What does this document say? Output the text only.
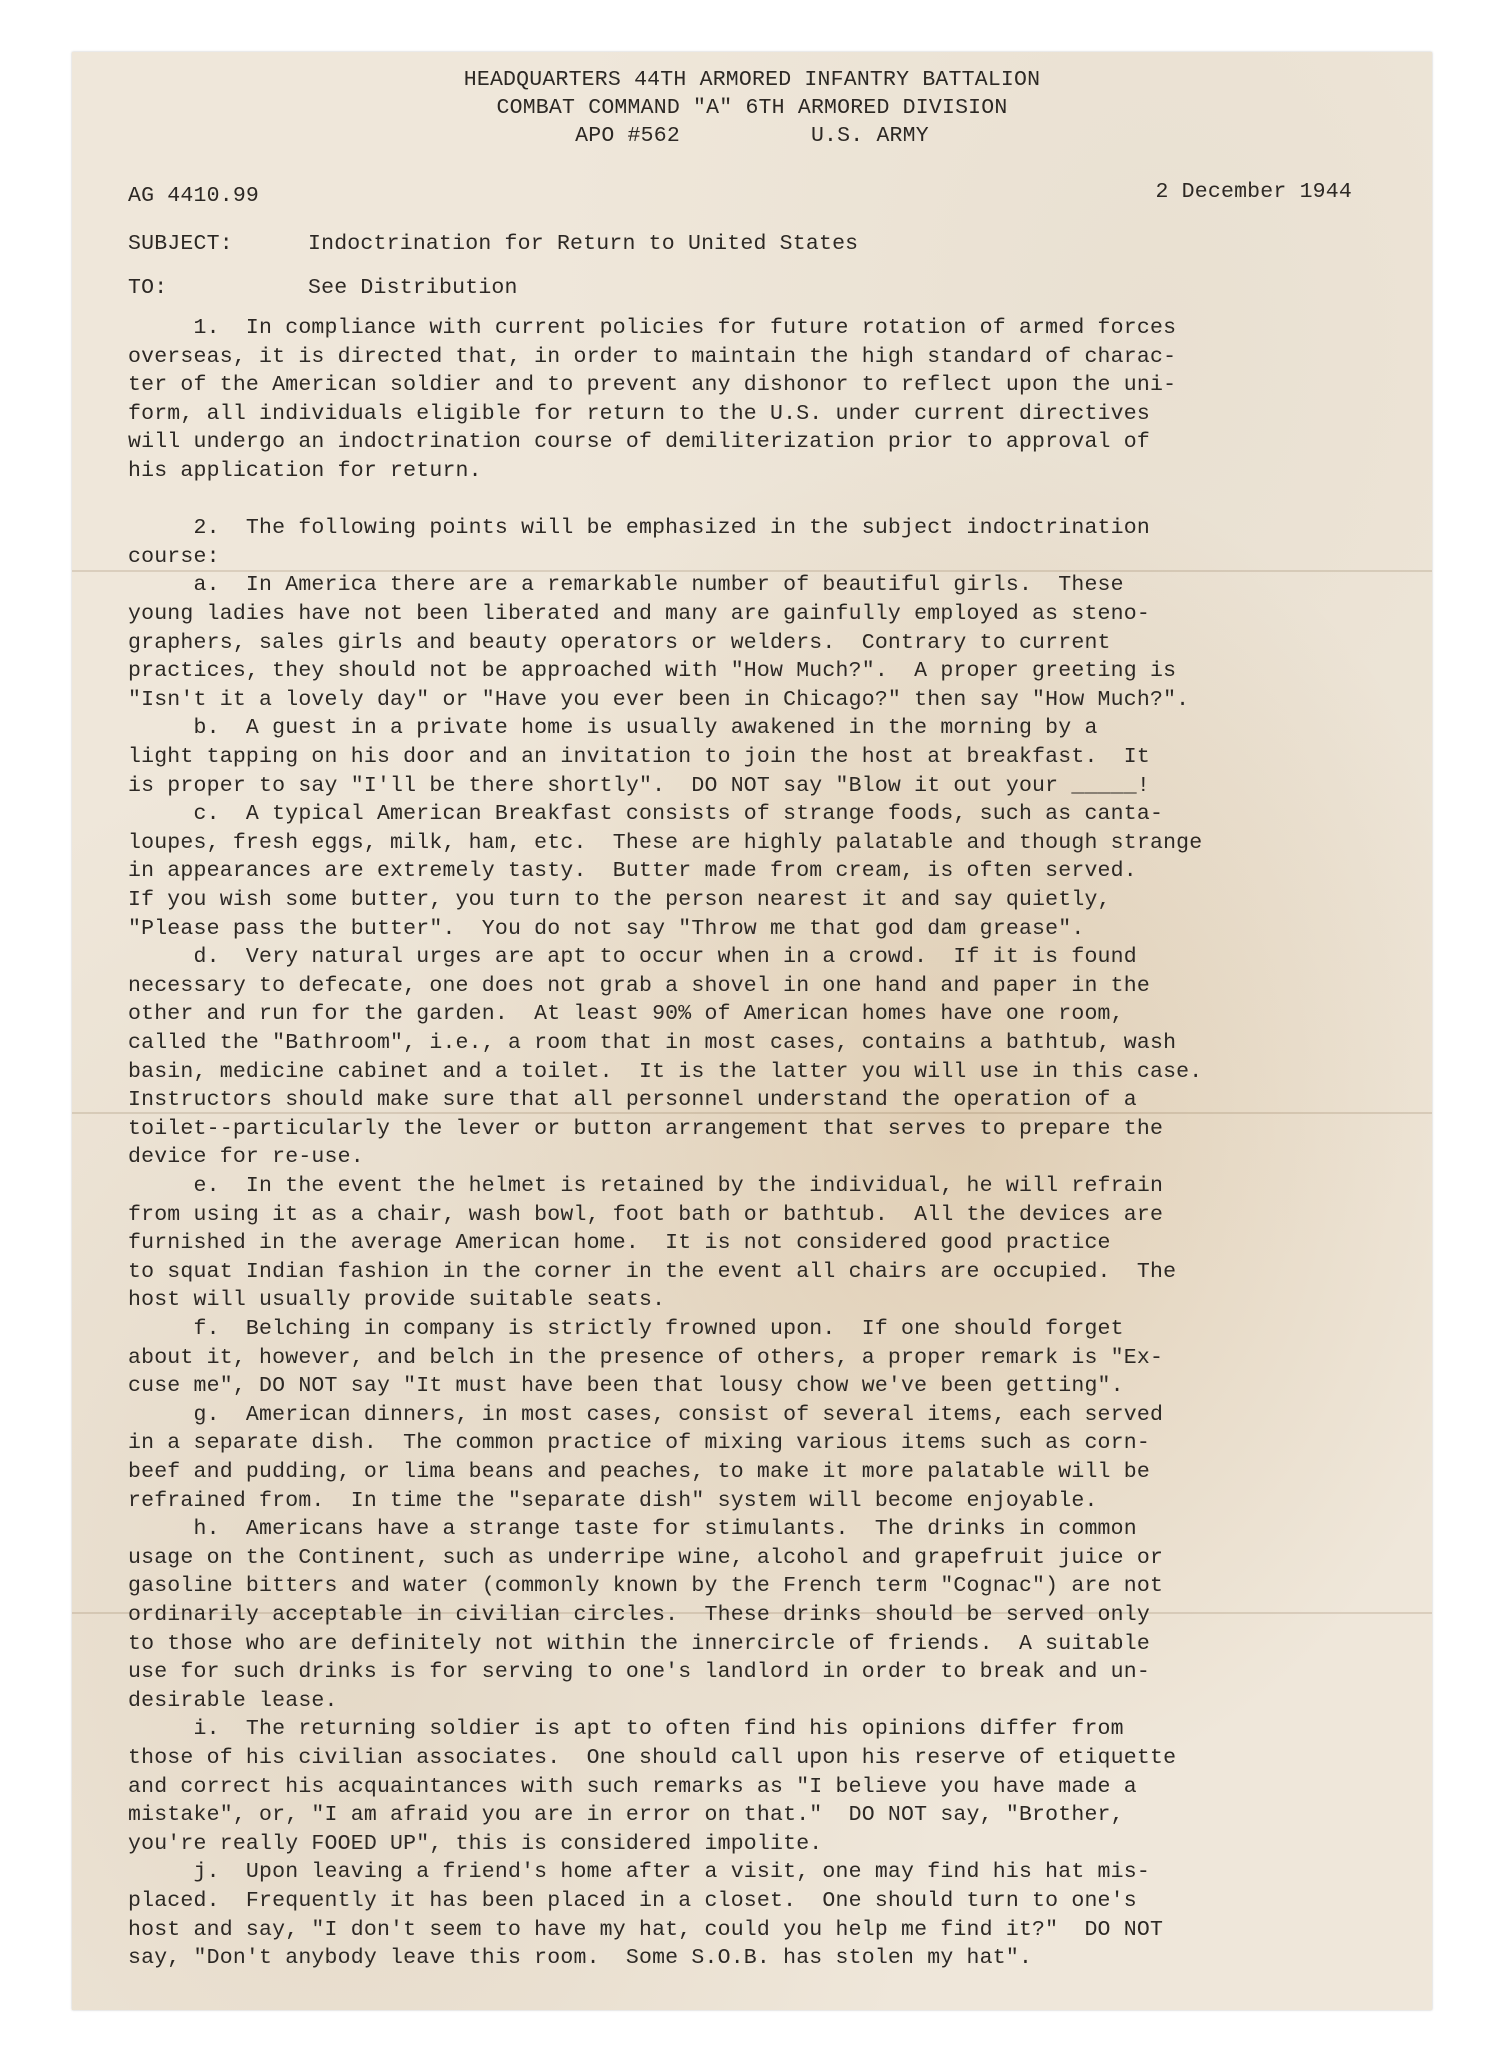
HEADQUARTERS 44TH ARMORED INFANTRY BATTALION
COMBAT COMMAND "A" 6TH ARMORED DIVISION
APO #562          U.S. ARMY
AG 4410.99	2 December 1944
SUBJECT:	Indoctrination for Return to United States
TO:	See Distribution
1.  In compliance with current policies for future rotation of armed forces
overseas, it is directed that, in order to maintain the high standard of charac-
ter of the American soldier and to prevent any dishonor to reflect upon the uni-
form, all individuals eligible for return to the U.S. under current directives
will undergo an indoctrination course of demiliterization prior to approval of
his application for return.
2.  The following points will be emphasized in the subject indoctrination
course:
a.  In America there are a remarkable number of beautiful girls.  These
young ladies have not been liberated and many are gainfully employed as steno-
graphers, sales girls and beauty operators or welders.  Contrary to current
practices, they should not be approached with "How Much?".  A proper greeting is
"Isn't it a lovely day" or "Have you ever been in Chicago?" then say "How Much?".
b.  A guest in a private home is usually awakened in the morning by a
light tapping on his door and an invitation to join the host at breakfast.  It
is proper to say "I'll be there shortly".  DO NOT say "Blow it out your _____!
c.  A typical American Breakfast consists of strange foods, such as canta-
loupes, fresh eggs, milk, ham, etc.  These are highly palatable and though strange
in appearances are extremely tasty.  Butter made from cream, is often served.
If you wish some butter, you turn to the person nearest it and say quietly,
"Please pass the butter".  You do not say "Throw me that god dam grease".
d.  Very natural urges are apt to occur when in a crowd.  If it is found
necessary to defecate, one does not grab a shovel in one hand and paper in the
other and run for the garden.  At least 90% of American homes have one room,
called the "Bathroom", i.e., a room that in most cases, contains a bathtub, wash
basin, medicine cabinet and a toilet.  It is the latter you will use in this case.
Instructors should make sure that all personnel understand the operation of a
toilet--particularly the lever or button arrangement that serves to prepare the
device for re-use.
e.  In the event the helmet is retained by the individual, he will refrain
from using it as a chair, wash bowl, foot bath or bathtub.  All the devices are
furnished in the average American home.  It is not considered good practice
to squat Indian fashion in the corner in the event all chairs are occupied.  The
host will usually provide suitable seats.
f.  Belching in company is strictly frowned upon.  If one should forget
about it, however, and belch in the presence of others, a proper remark is "Ex-
cuse me", DO NOT say "It must have been that lousy chow we've been getting".
g.  American dinners, in most cases, consist of several items, each served
in a separate dish.  The common practice of mixing various items such as corn-
beef and pudding, or lima beans and peaches, to make it more palatable will be
refrained from.  In time the "separate dish" system will become enjoyable.
h.  Americans have a strange taste for stimulants.  The drinks in common
usage on the Continent, such as underripe wine, alcohol and grapefruit juice or
gasoline bitters and water (commonly known by the French term "Cognac") are not
ordinarily acceptable in civilian circles.  These drinks should be served only
to those who are definitely not within the innercircle of friends.  A suitable
use for such drinks is for serving to one's landlord in order to break and un-
desirable lease.
i.  The returning soldier is apt to often find his opinions differ from
those of his civilian associates.  One should call upon his reserve of etiquette
and correct his acquaintances with such remarks as "I believe you have made a
mistake", or, "I am afraid you are in error on that."  DO NOT say, "Brother,
you're really FOOED UP", this is considered impolite.
j.  Upon leaving a friend's home after a visit, one may find his hat mis-
placed.  Frequently it has been placed in a closet.  One should turn to one's
host and say, "I don't seem to have my hat, could you help me find it?"  DO NOT
say, "Don't anybody leave this room.  Some S.O.B. has stolen my hat".
